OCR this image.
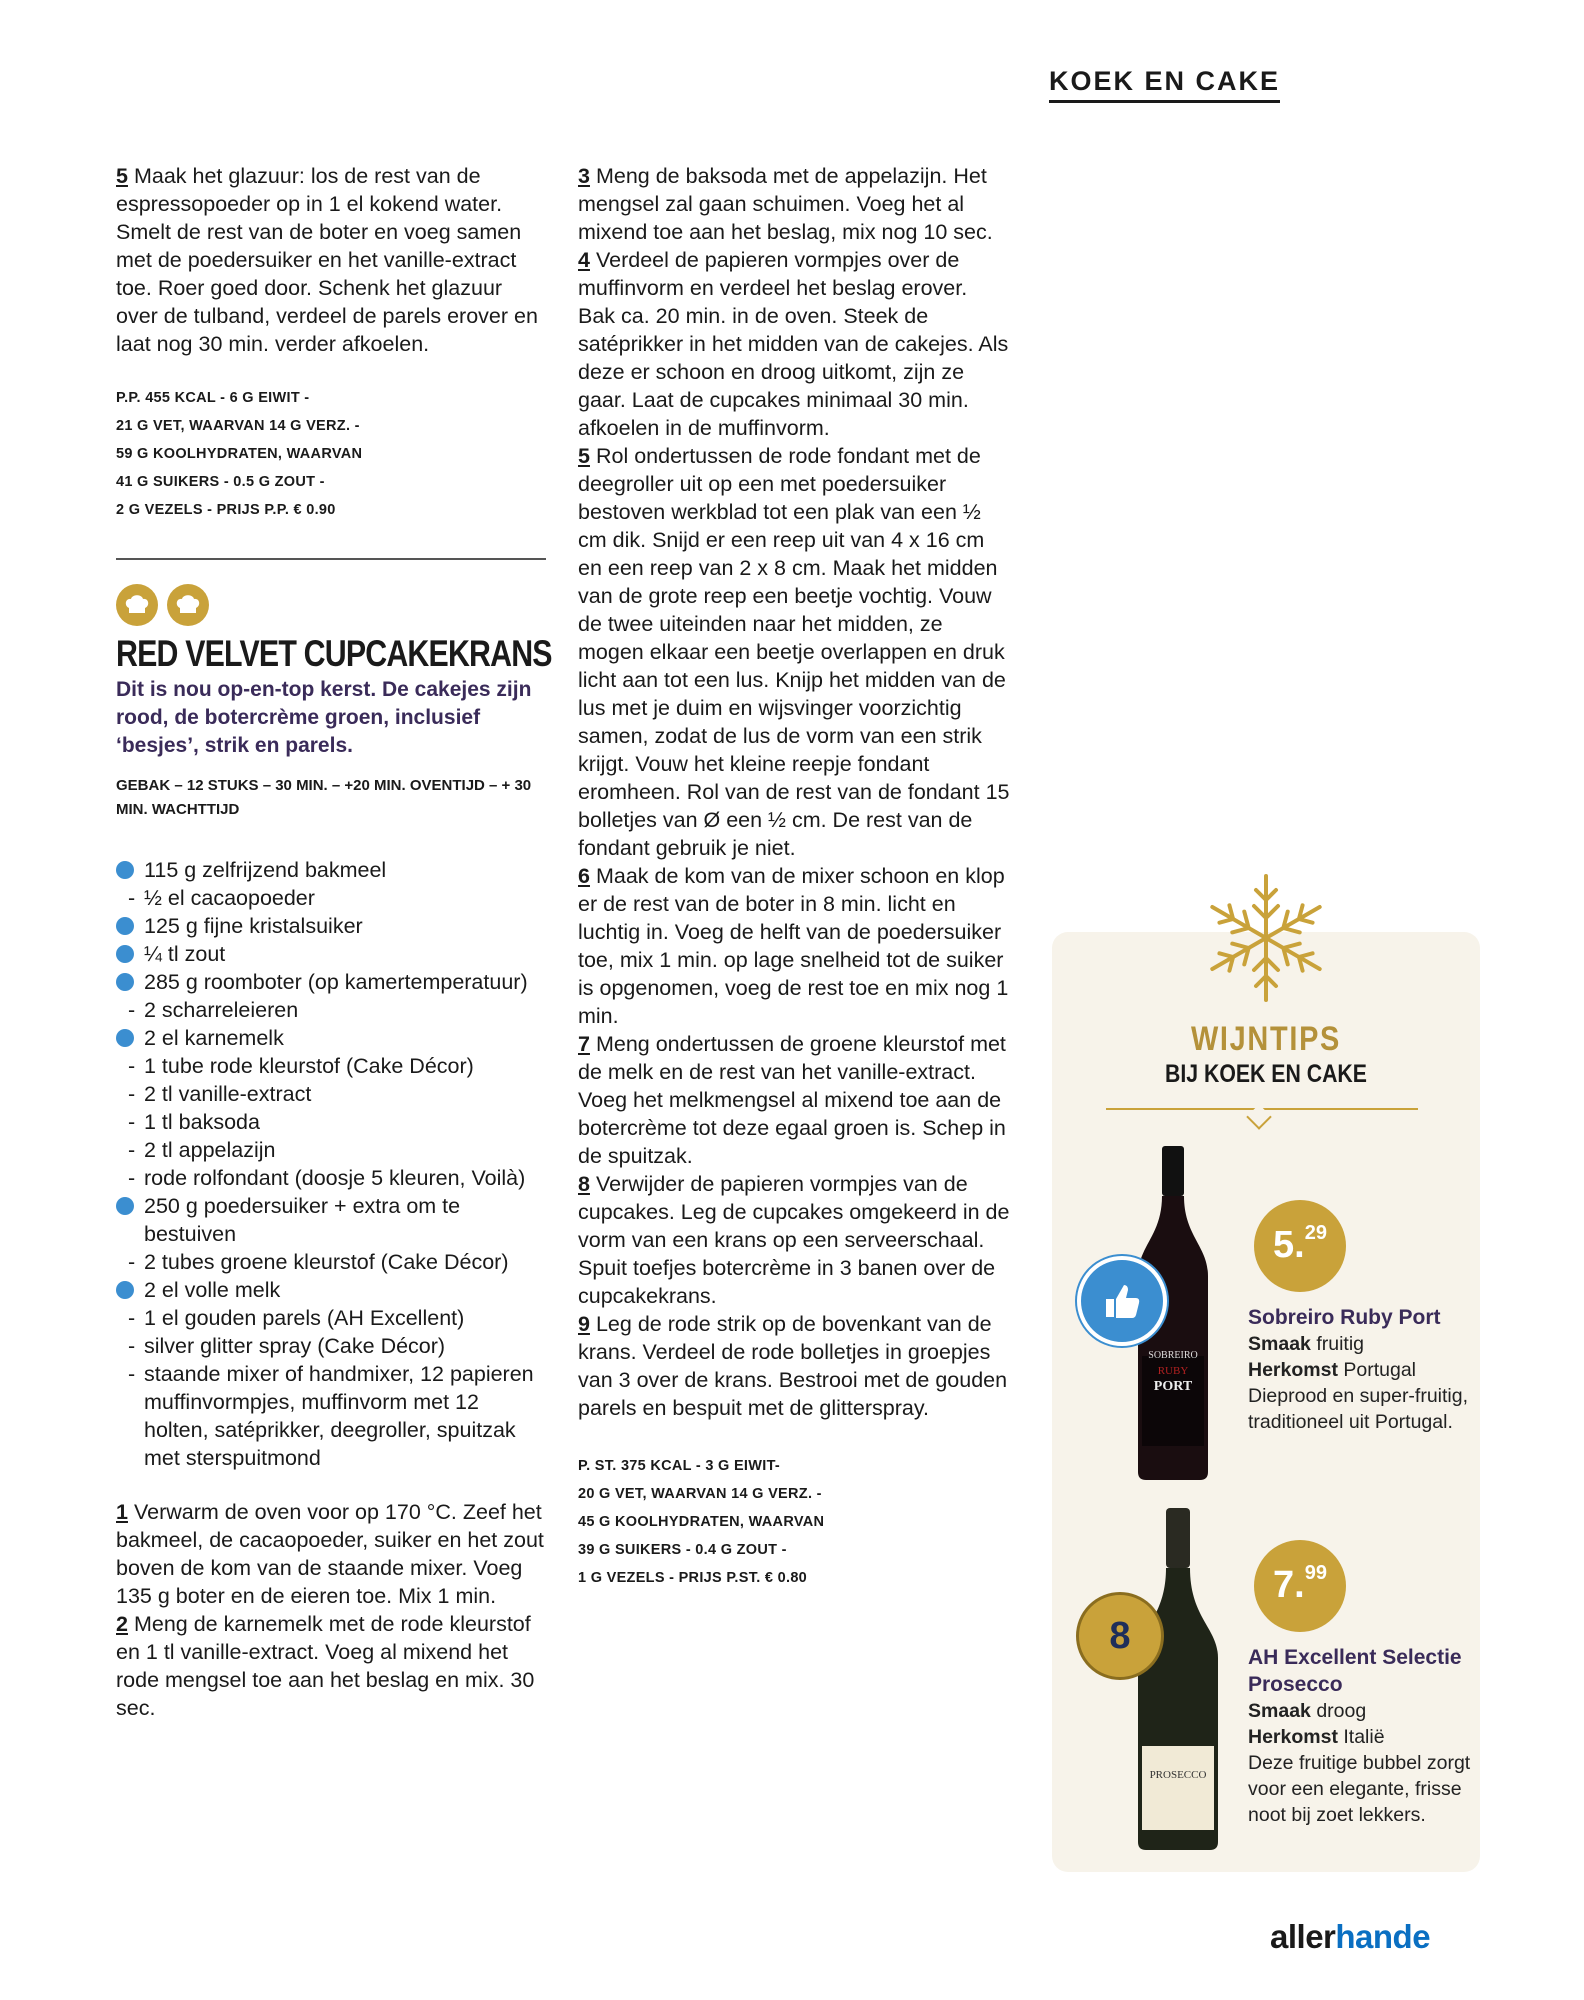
KOEK EN CAKE

5 Maak het glazuur: los de rest van de espressopoeder op in 1 el kokend water. Smelt de rest van de boter en voeg samen met de poedersuiker en het vanille-extract toe. Roer goed door. Schenk het glazuur over de tulband, verdeel de parels erover en laat nog 30 min. verder afkoelen.

P.P. 455 KCAL - 6 G EIWIT -
21 G VET, WAARVAN 14 G VERZ. -
59 G KOOLHYDRATEN, WAARVAN
41 G SUIKERS - 0.5 G ZOUT -
2 G VEZELS - PRIJS P.P. € 0.90
RED VELVET CUPCAKEKRANS

Dit is nou op-en-top kerst. De cakejes zijn rood, de botercrème groen, inclusief ‘besjes’, strik en parels.

GEBAK – 12 STUKS – 30 MIN. – +20 MIN. OVENTIJD – + 30 MIN. WACHTTIJD

115 g zelfrijzend bakmeel
- ½ el cacaopoeder
125 g fijne kristalsuiker
¼ tl zout
285 g roomboter (op kamertemperatuur)
- 2 scharreleieren
2 el karnemelk
- 1 tube rode kleurstof (Cake Décor)
- 2 tl vanille-extract
- 1 tl baksoda
- 2 tl appelazijn
- rode rolfondant (doosje 5 kleuren, Voilà)
250 g poedersuiker + extra om te bestuiven
- 2 tubes groene kleurstof (Cake Décor)
2 el volle melk
- 1 el gouden parels (AH Excellent)
- silver glitter spray (Cake Décor)
- staande mixer of handmixer, 12 papieren muffinvormpjes, muffinvorm met 12 holten, satéprikker, deegroller, spuitzak met sterspuitmond

1 Verwarm de oven voor op 170 °C. Zeef het bakmeel, de cacaopoeder, suiker en het zout boven de kom van de staande mixer. Voeg 135 g boter en de eieren toe. Mix 1 min.

2 Meng de karnemelk met de rode kleurstof en 1 tl vanille-extract. Voeg al mixend het rode mengsel toe aan het beslag en mix. 30 sec.

3 Meng de baksoda met de appelazijn. Het mengsel zal gaan schuimen. Voeg het al mixend toe aan het beslag, mix nog 10 sec.

4 Verdeel de papieren vormpjes over de muffinvorm en verdeel het beslag erover. Bak ca. 20 min. in de oven. Steek de satéprikker in het midden van de cakejes. Als deze er schoon en droog uitkomt, zijn ze gaar. Laat de cupcakes minimaal 30 min. afkoelen in de muffinvorm.

5 Rol ondertussen de rode fondant met de deegroller uit op een met poedersuiker bestoven werkblad tot een plak van een ½ cm dik. Snijd er een reep uit van 4 x 16 cm en een reep van 2 x 8 cm. Maak het midden van de grote reep een beetje vochtig. Vouw de twee uiteinden naar het midden, ze mogen elkaar een beetje overlappen en druk licht aan tot een lus. Knijp het midden van de lus met je duim en wijsvinger voorzichtig samen, zodat de lus de vorm van een strik krijgt. Vouw het kleine reepje fondant eromheen. Rol van de rest van de fondant 15 bolletjes van Ø een ½ cm. De rest van de fondant gebruik je niet.

6 Maak de kom van de mixer schoon en klop er de rest van de boter in 8 min. licht en luchtig in. Voeg de helft van de poedersuiker toe, mix 1 min. op lage snelheid tot de suiker is opgenomen, voeg de rest toe en mix nog 1 min.

7 Meng ondertussen de groene kleurstof met de melk en de rest van het vanille-extract. Voeg het melkmengsel al mixend toe aan de botercrème tot deze egaal groen is. Schep in de spuitzak.

8 Verwijder de papieren vormpjes van de cupcakes. Leg de cupcakes omgekeerd in de vorm van een krans op een serveerschaal. Spuit toefjes botercrème in 3 banen over de cupcakekrans.

9 Leg de rode strik op de bovenkant van de krans. Verdeel de rode bolletjes in groepjes van 3 over de krans. Bestrooi met de gouden parels en bespuit met de glitterspray.

P. ST. 375 KCAL - 3 G EIWIT-
20 G VET, WAARVAN 14 G VERZ. -
45 G KOOLHYDRATEN, WAARVAN
39 G SUIKERS - 0.4 G ZOUT -
1 G VEZELS - PRIJS P.ST. € 0.80
WIJNTIPS
BIJ KOEK EN CAKE
SOBREIRO
RUBY
PORT
5.29
Sobreiro Ruby Port
Smaak fruitig
Herkomst Portugal
Dieprood en super-fruitig, traditioneel uit Portugal.
PROSECCO
8
7.99
AH Excellent Selectie Prosecco
Smaak droog
Herkomst Italië
Deze fruitige bubbel zorgt voor een elegante, frisse noot bij zoet lekkers.
allerhande
